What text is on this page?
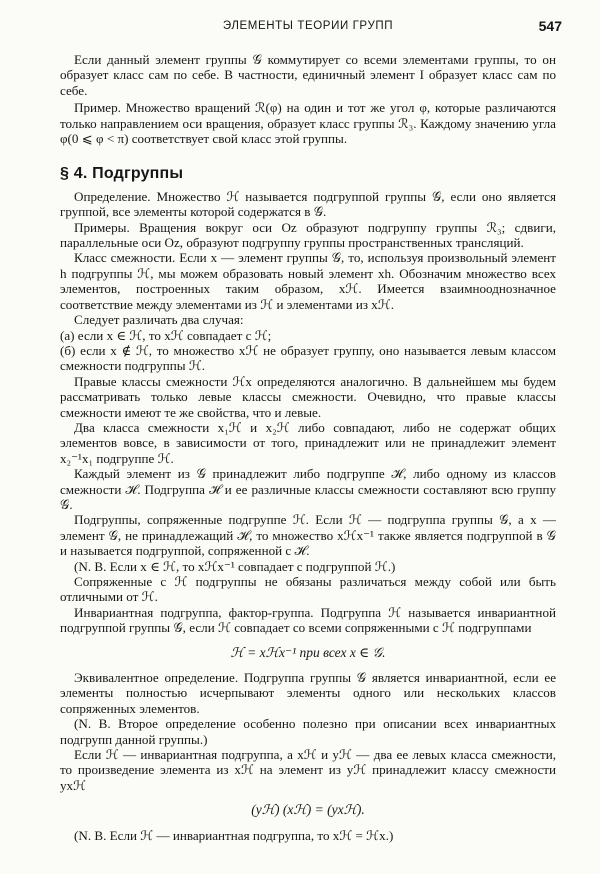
ЭЛЕМЕНТЫ ТЕОРИИ ГРУПП	547

Если данный элемент группы 𝒢 коммутирует со всеми элементами группы, то он образует класс сам по себе. В частности, единичный элемент I образует класс сам по себе.

Пример. Множество вращений ℛ(φ) на один и тот же угол φ, которые различаются только направлением оси вращения, образует класс группы ℛ₃. Каждому значению угла φ(0 ⩽ φ < π) соответствует свой класс этой группы.

§ 4. Подгруппы

Определение. Множество ℋ называется подгруппой группы 𝒢, если оно является группой, все элементы которой содержатся в 𝒢.

Примеры. Вращения вокруг оси Oz образуют подгруппу группы ℛ₃; сдвиги, параллельные оси Oz, образуют подгруппу группы пространственных трансляций.

Класс смежности. Если x — элемент группы 𝒢, то, используя произвольный элемент h подгруппы ℋ, мы можем образовать новый элемент xh. Обозначим множество всех элементов, построенных таким образом, xℋ. Имеется взаимнооднозначное соответствие между элементами из ℋ и элементами из xℋ.

Следует различать два случая:

(а) если x ∈ ℋ, то xℋ совпадает с ℋ;

(б) если x ∉ ℋ, то множество xℋ не образует группу, оно называется левым классом смежности подгруппы ℋ.

Правые классы смежности ℋx определяются аналогично. В дальнейшем мы будем рассматривать только левые классы смежности. Очевидно, что правые классы смежности имеют те же свойства, что и левые.

Два класса смежности x₁ℋ и x₂ℋ либо совпадают, либо не содержат общих элементов вовсе, в зависимости от того, принадлежит или не принадлежит элемент x₂⁻¹x₁ подгруппе ℋ.

Каждый элемент из 𝒢 принадлежит либо подгруппе ℋ, либо одному из классов смежности ℋ. Подгруппа ℋ и ее различные классы смежности составляют всю группу 𝒢.

Подгруппы, сопряженные подгруппе ℋ. Если ℋ — подгруппа группы 𝒢, а x — элемент 𝒢, не принадлежащий ℋ, то множество xℋx⁻¹ также является подгруппой в 𝒢 и называется подгруппой, сопряженной с ℋ.

(N. B. Если x ∈ ℋ, то xℋx⁻¹ совпадает с подгруппой ℋ.)

Сопряженные с ℋ подгруппы не обязаны различаться между собой или быть отличными от ℋ.

Инвариантная подгруппа, фактор-группа. Подгруппа ℋ называется инвариантной подгруппой группы 𝒢, если ℋ совпадает со всеми сопряженными с ℋ подгруппами

ℋ = xℋx⁻¹ при всех x ∈ 𝒢.

Эквивалентное определение. Подгруппа группы 𝒢 является инвариантной, если ее элементы полностью исчерпывают элементы одного или нескольких классов сопряженных элементов.

(N. B. Второе определение особенно полезно при описании всех инвариантных подгрупп данной группы.)

Если ℋ — инвариантная подгруппа, а xℋ и yℋ — два ее левых класса смежности, то произведение элемента из xℋ на элемент из yℋ принадлежит классу смежности yxℋ

(yℋ) (xℋ) = (yxℋ).

(N. B. Если ℋ — инвариантная подгруппа, то xℋ = ℋx.)
